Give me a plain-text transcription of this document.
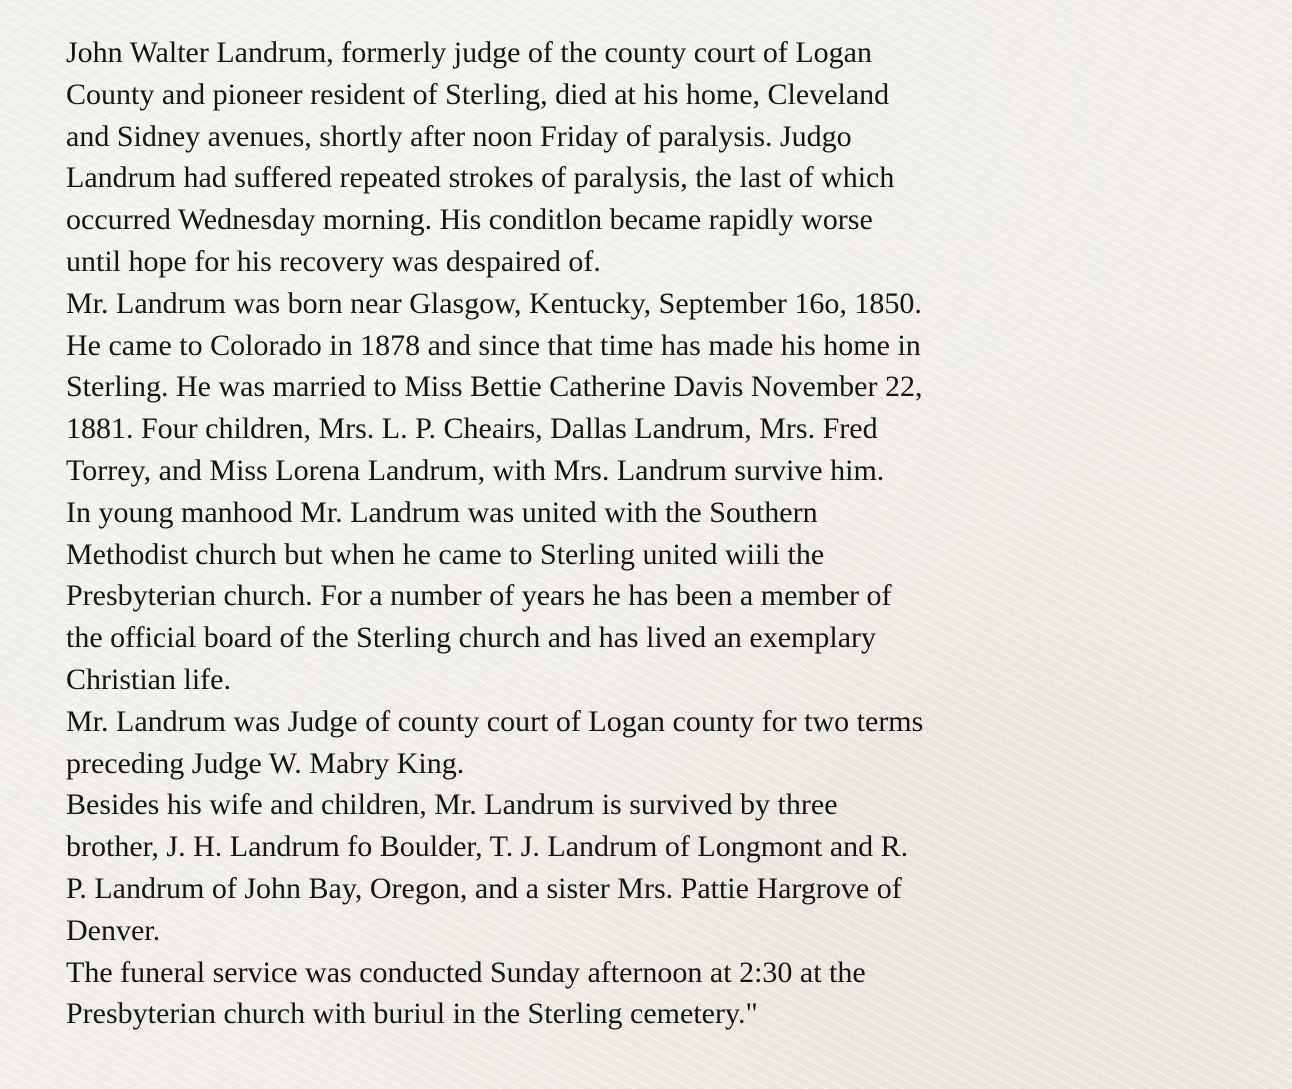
John Walter Landrum, formerly judge of the county court of Logan
County and pioneer resident of Sterling, died at his home, Cleveland
and Sidney avenues, shortly after noon Friday of paralysis. Judgo
Landrum had suffered repeated strokes of paralysis, the last of which
occurred Wednesday morning. His conditlon became rapidly worse
until hope for his recovery was despaired of.

Mr. Landrum was born near Glasgow, Kentucky, September 16o, 1850.
He came to Colorado in 1878 and since that time has made his home in
Sterling. He was married to Miss Bettie Catherine Davis November 22,
1881. Four children, Mrs. L. P. Cheairs, Dallas Landrum, Mrs. Fred
Torrey, and Miss Lorena Landrum, with Mrs. Landrum survive him.

In young manhood Mr. Landrum was united with the Southern
Methodist church but when he came to Sterling united wiili the
Presbyterian church. For a number of years he has been a member of
the official board of the Sterling church and has lived an exemplary
Christian life.

Mr. Landrum was Judge of county court of Logan county for two terms
preceding Judge W. Mabry King.

Besides his wife and children, Mr. Landrum is survived by three
brother, J. H. Landrum fo Boulder, T. J. Landrum of Longmont and R.
P. Landrum of John Bay, Oregon, and a sister Mrs. Pattie Hargrove of
Denver.

The funeral service was conducted Sunday afternoon at 2:30 at the
Presbyterian church with buriul in the Sterling cemetery."
